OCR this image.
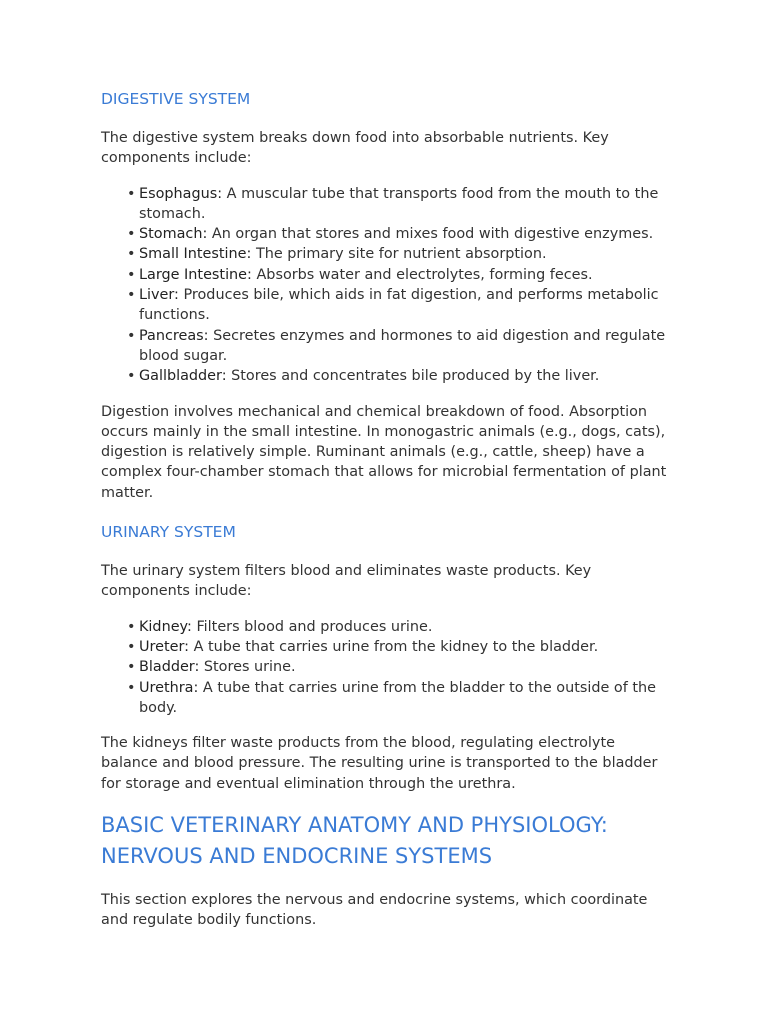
DIGESTIVE SYSTEM

The digestive system breaks down food into absorbable nutrients. Key components include:

• Esophagus: A muscular tube that transports food from the mouth to the stomach.
• Stomach: An organ that stores and mixes food with digestive enzymes.
• Small Intestine: The primary site for nutrient absorption.
• Large Intestine: Absorbs water and electrolytes, forming feces.
• Liver: Produces bile, which aids in fat digestion, and performs metabolic functions.
• Pancreas: Secretes enzymes and hormones to aid digestion and regulate blood sugar.
• Gallbladder: Stores and concentrates bile produced by the liver.

Digestion involves mechanical and chemical breakdown of food. Absorption occurs mainly in the small intestine. In monogastric animals (e.g., dogs, cats), digestion is relatively simple. Ruminant animals (e.g., cattle, sheep) have a complex four-chamber stomach that allows for microbial fermentation of plant matter.

URINARY SYSTEM

The urinary system filters blood and eliminates waste products. Key components include:

• Kidney: Filters blood and produces urine.
• Ureter: A tube that carries urine from the kidney to the bladder.
• Bladder: Stores urine.
• Urethra: A tube that carries urine from the bladder to the outside of the body.

The kidneys filter waste products from the blood, regulating electrolyte balance and blood pressure. The resulting urine is transported to the bladder for storage and eventual elimination through the urethra.

BASIC VETERINARY ANATOMY AND PHYSIOLOGY: NERVOUS AND ENDOCRINE SYSTEMS

This section explores the nervous and endocrine systems, which coordinate and regulate bodily functions.
